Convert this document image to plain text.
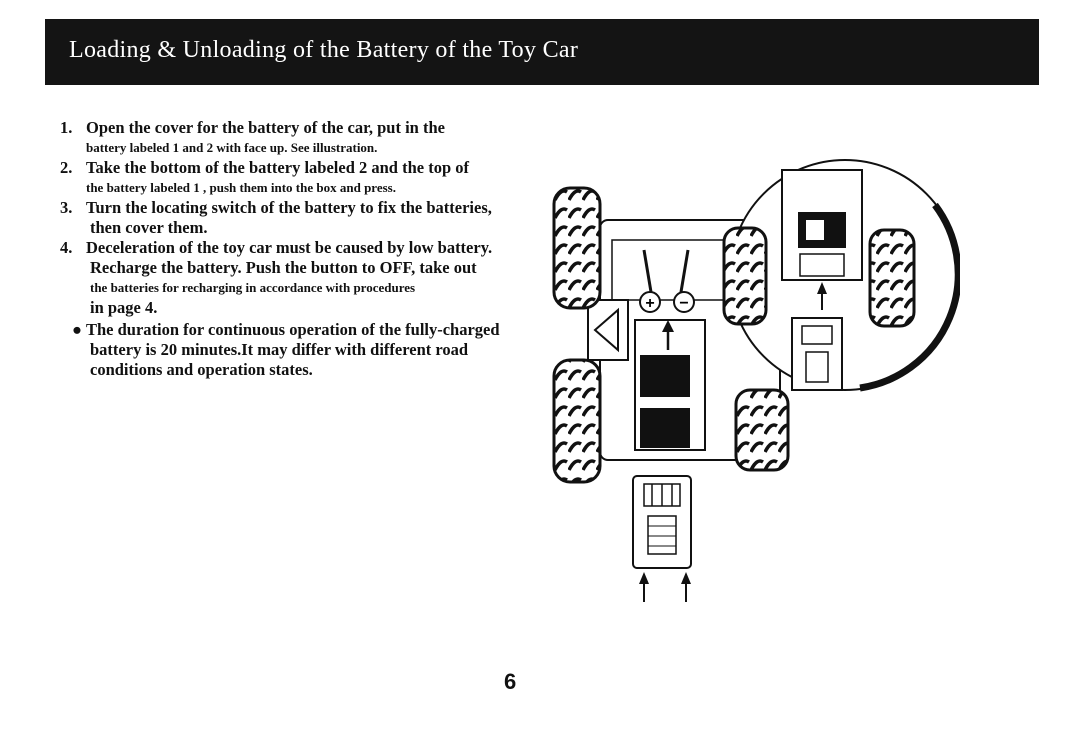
Loading & Unloading of the Battery of the Toy Car
1. Open the cover for the battery of the car, put in the
battery labeled 1 and 2 with face up. See illustration.
2. Take the bottom of the battery labeled 2 and the top of
the battery labeled 1 , push them into the box and press.
3. Turn the locating switch of the battery to fix the batteries,
then cover them.
4. Deceleration of the toy car must be caused by low battery.
Recharge the battery. Push the button to OFF, take out
the batteries for recharging in accordance with procedures
in page 4.
● The duration for continuous operation of the fully-charged
battery is 20 minutes.It may differ with different road
conditions and operation states.
+ −
6
